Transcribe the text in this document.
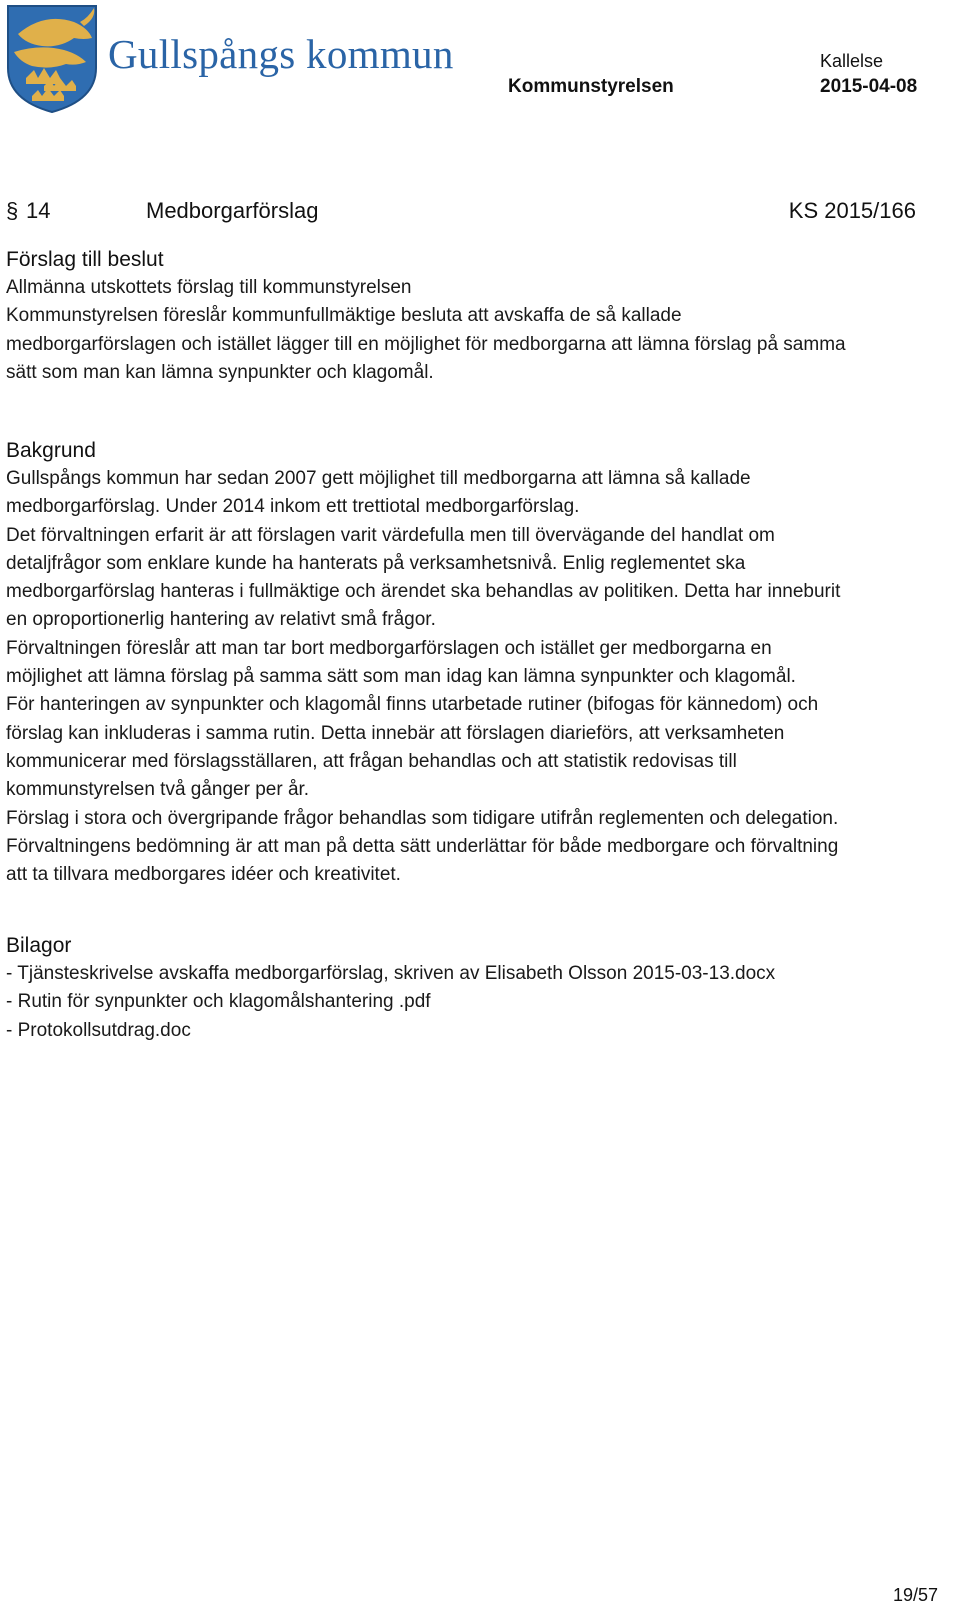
Gullspångs kommun
Kommunstyrelsen
Kallelse
2015-04-08
§ 14	Medborgarförslag	KS 2015/166
Förslag till beslut

Allmänna utskottets förslag till kommunstyrelsen

Kommunstyrelsen föreslår kommunfullmäktige besluta att avskaffa de så kallade

medborgarförslagen och istället lägger till en möjlighet för medborgarna att lämna förslag på samma

sätt som man kan lämna synpunkter och klagomål.

Bakgrund

Gullspångs kommun har sedan 2007 gett möjlighet till medborgarna att lämna så kallade

medborgarförslag. Under 2014 inkom ett trettiotal medborgarförslag.

Det förvaltningen erfarit är att förslagen varit värdefulla men till övervägande del handlat om

detaljfrågor som enklare kunde ha hanterats på verksamhetsnivå. Enlig reglementet ska

medborgarförslag hanteras i fullmäktige och ärendet ska behandlas av politiken. Detta har inneburit

en oproportionerlig hantering av relativt små frågor.

Förvaltningen föreslår att man tar bort medborgarförslagen och istället ger medborgarna en

möjlighet att lämna förslag på samma sätt som man idag kan lämna synpunkter och klagomål.

För hanteringen av synpunkter och klagomål finns utarbetade rutiner (bifogas för kännedom) och

förslag kan inkluderas i samma rutin. Detta innebär att förslagen diarieförs, att verksamheten

kommunicerar med förslagsställaren, att frågan behandlas och att statistik redovisas till

kommunstyrelsen två gånger per år.

Förslag i stora och övergripande frågor behandlas som tidigare utifrån reglementen och delegation.

Förvaltningens bedömning är att man på detta sätt underlättar för både medborgare och förvaltning

att ta tillvara medborgares idéer och kreativitet.

Bilagor

- Tjänsteskrivelse avskaffa medborgarförslag, skriven av Elisabeth Olsson 2015-03-13.docx

- Rutin för synpunkter och klagomålshantering .pdf

- Protokollsutdrag.doc

19/57
